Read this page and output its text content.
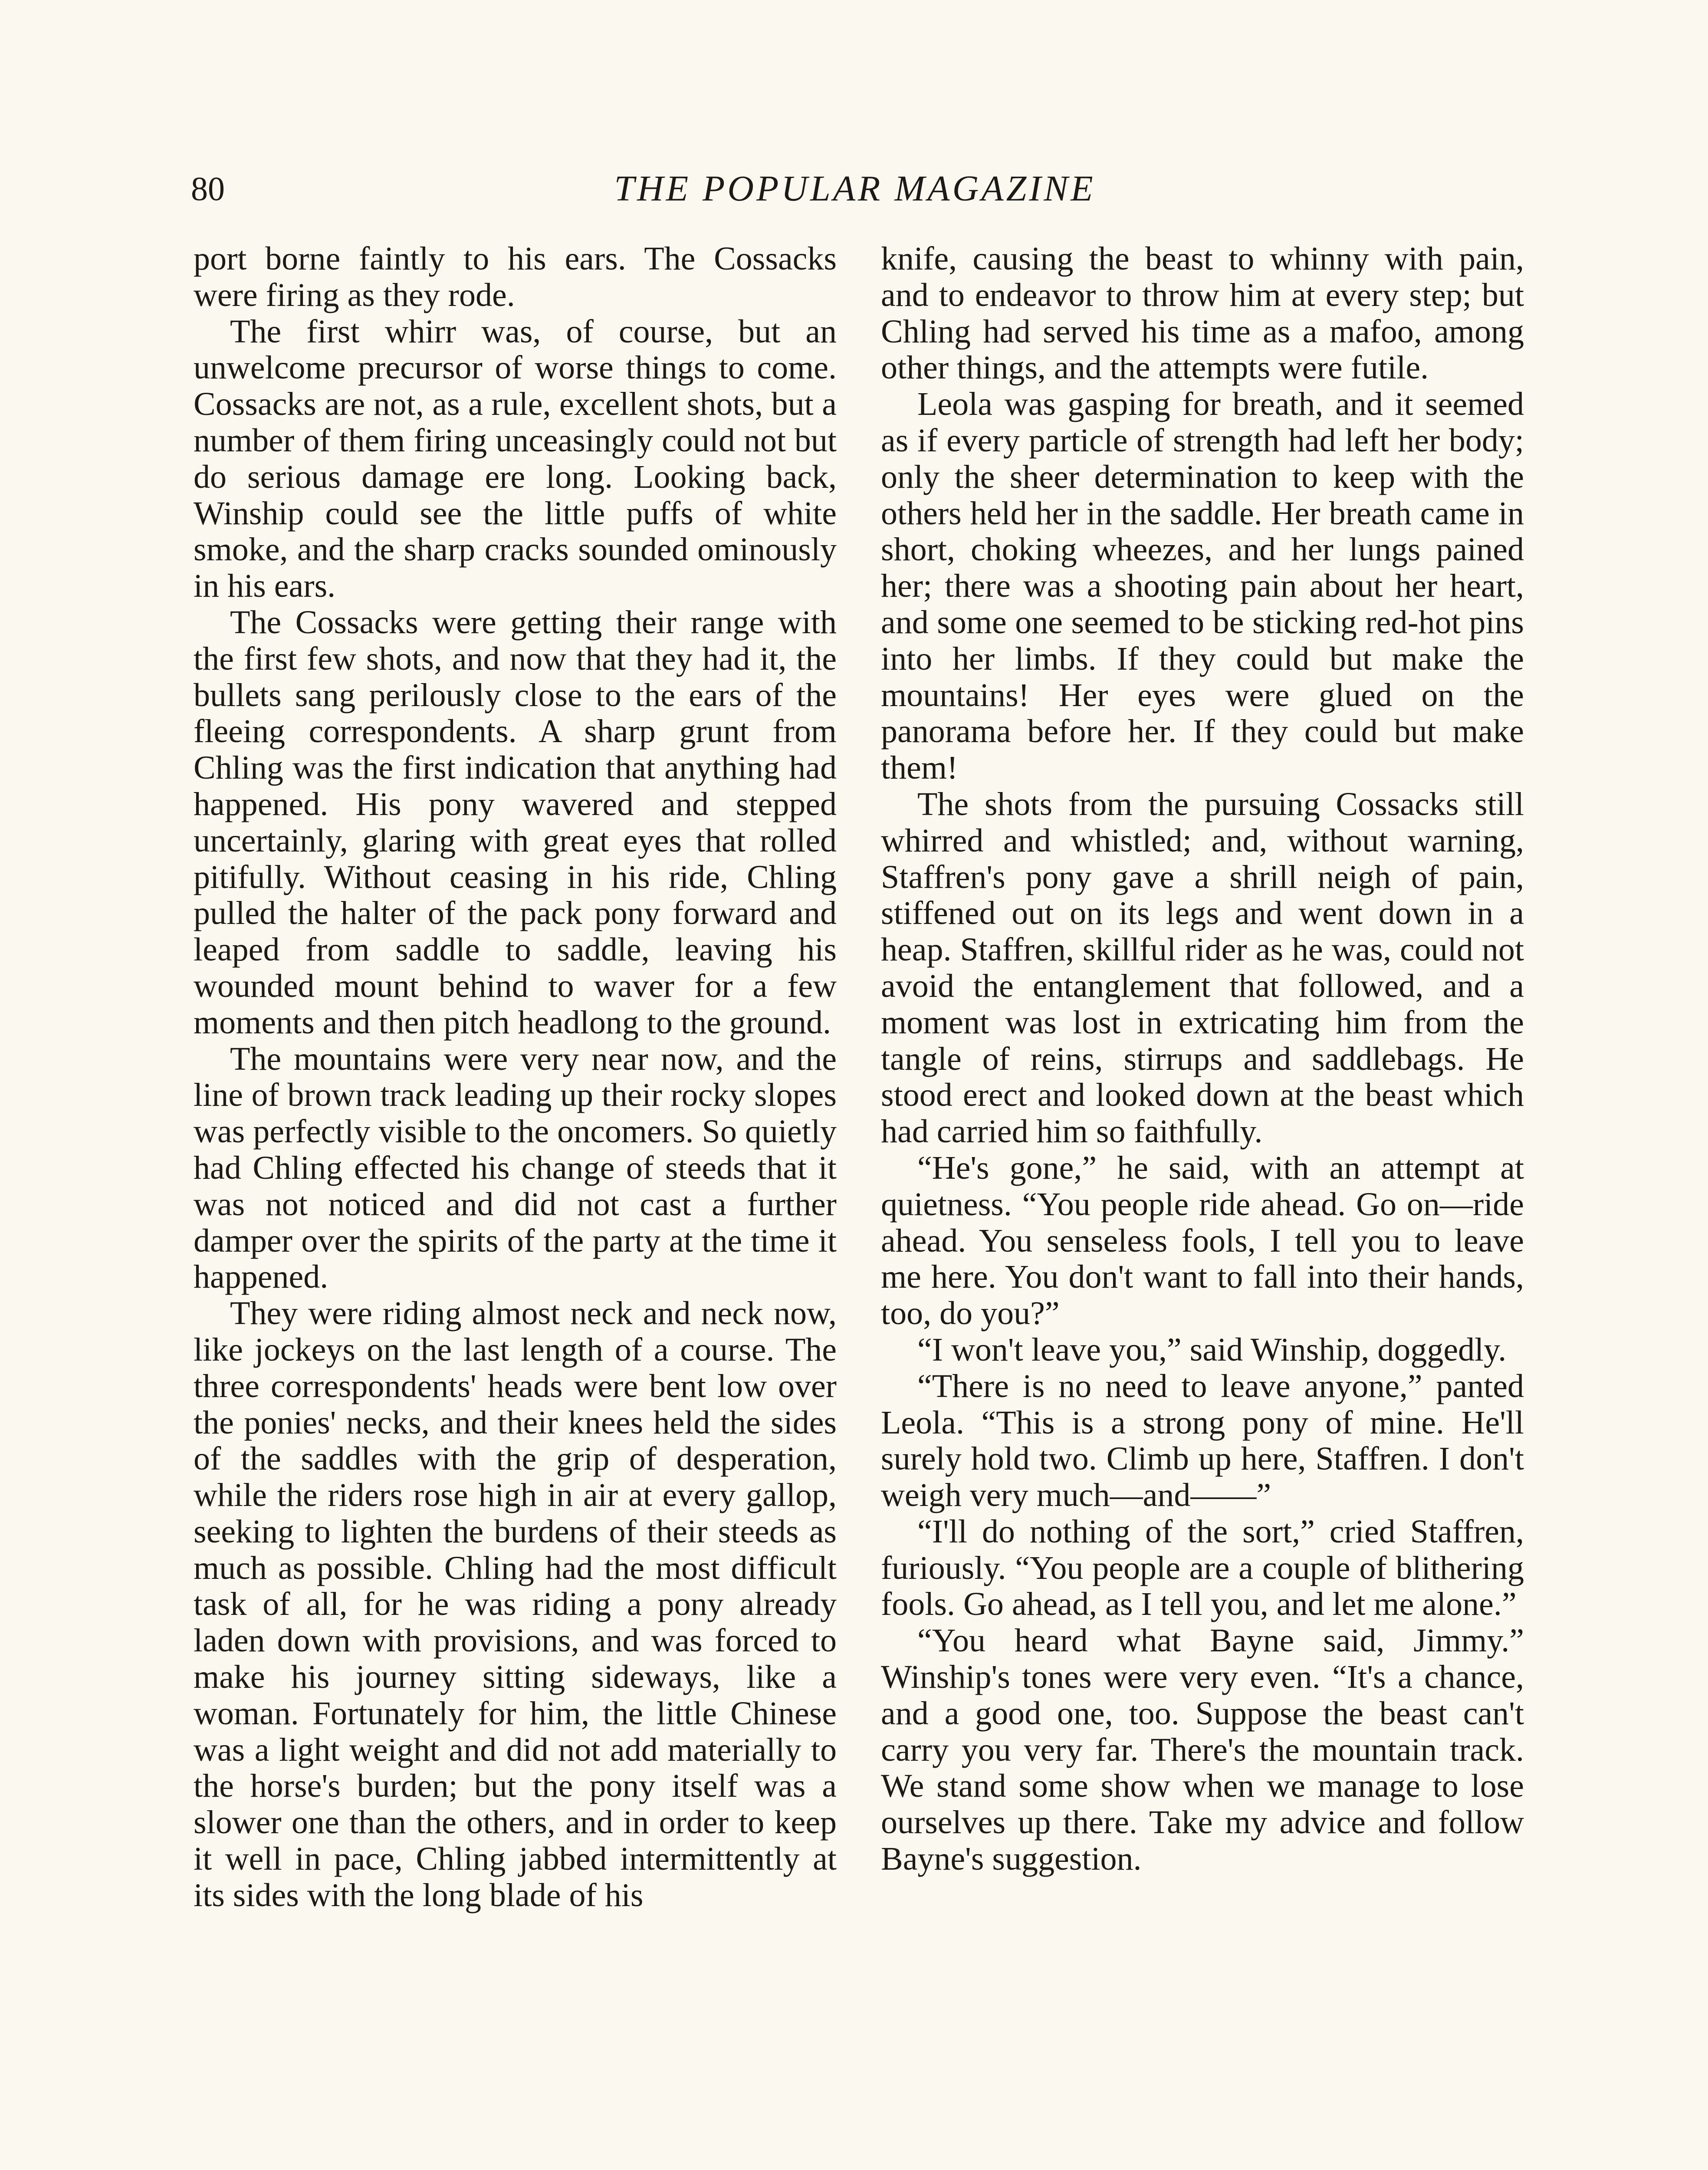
80	THE POPULAR MAGAZINE

port borne faintly to his ears. The Cossacks were firing as they rode.

The first whirr was, of course, but an unwelcome precursor of worse things to come. Cossacks are not, as a rule, excellent shots, but a number of them firing unceasingly could not but do serious damage ere long. Looking back, Winship could see the little puffs of white smoke, and the sharp cracks sounded ominously in his ears.

The Cossacks were getting their range with the first few shots, and now that they had it, the bullets sang perilously close to the ears of the fleeing correspondents. A sharp grunt from Chling was the first indication that anything had happened. His pony wavered and stepped uncertainly, glaring with great eyes that rolled pitifully. Without ceasing in his ride, Chling pulled the halter of the pack pony forward and leaped from saddle to saddle, leaving his wounded mount behind to waver for a few moments and then pitch headlong to the ground.

The mountains were very near now, and the line of brown track leading up their rocky slopes was perfectly visible to the oncomers. So quietly had Chling effected his change of steeds that it was not noticed and did not cast a further damper over the spirits of the party at the time it happened.

They were riding almost neck and neck now, like jockeys on the last length of a course. The three correspondents' heads were bent low over the ponies' necks, and their knees held the sides of the saddles with the grip of desperation, while the riders rose high in air at every gallop, seeking to lighten the burdens of their steeds as much as possible. Chling had the most difficult task of all, for he was riding a pony already laden down with provisions, and was forced to make his journey sitting sideways, like a woman. Fortunately for him, the little Chinese was a light weight and did not add materially to the horse's burden; but the pony itself was a slower one than the others, and in order to keep it well in pace, Chling jabbed intermittently at its sides with the long blade of his

knife, causing the beast to whinny with pain, and to endeavor to throw him at every step; but Chling had served his time as a mafoo, among other things, and the attempts were futile.

Leola was gasping for breath, and it seemed as if every particle of strength had left her body; only the sheer determination to keep with the others held her in the saddle. Her breath came in short, choking wheezes, and her lungs pained her; there was a shooting pain about her heart, and some one seemed to be sticking red-hot pins into her limbs. If they could but make the mountains! Her eyes were glued on the panorama before her. If they could but make them!

The shots from the pursuing Cossacks still whirred and whistled; and, without warning, Staffren's pony gave a shrill neigh of pain, stiffened out on its legs and went down in a heap. Staffren, skillful rider as he was, could not avoid the entanglement that followed, and a moment was lost in extricating him from the tangle of reins, stirrups and saddlebags. He stood erect and looked down at the beast which had carried him so faithfully.

“He's gone,” he said, with an attempt at quietness. “You people ride ahead. Go on—ride ahead. You senseless fools, I tell you to leave me here. You don't want to fall into their hands, too, do you?”

“I won't leave you,” said Winship, doggedly.

“There is no need to leave anyone,” panted Leola. “This is a strong pony of mine. He'll surely hold two. Climb up here, Staffren. I don't weigh very much—and——”

“I'll do nothing of the sort,” cried Staffren, furiously. “You people are a couple of blithering fools. Go ahead, as I tell you, and let me alone.”

“You heard what Bayne said, Jimmy.” Winship's tones were very even. “It's a chance, and a good one, too. Suppose the beast can't carry you very far. There's the mountain track. We stand some show when we manage to lose ourselves up there. Take my advice and follow Bayne's suggestion.
